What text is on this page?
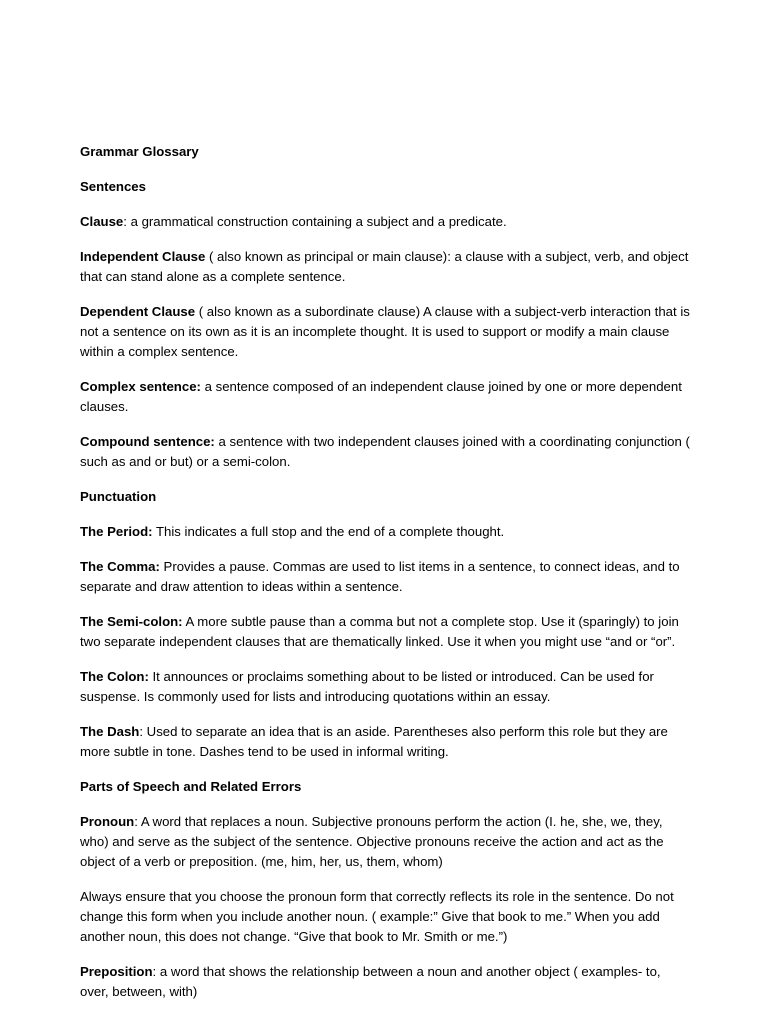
Grammar Glossary

Sentences

Clause: a grammatical construction containing a subject and a predicate.

Independent Clause ( also known as principal or main clause): a clause with a subject, verb, and object that can stand alone as a complete sentence.

Dependent Clause ( also known as a subordinate clause) A clause with a subject-verb interaction that is not a sentence on its own as it is an incomplete thought. It is used to support or modify a main clause within a complex sentence.

Complex sentence: a sentence composed of an independent clause joined by one or more dependent clauses.

Compound sentence: a sentence with two independent clauses joined with a coordinating conjunction ( such as and or but) or a semi-colon.

Punctuation

The Period: This indicates a full stop and the end of a complete thought.

The Comma: Provides a pause. Commas are used to list items in a sentence, to connect ideas, and to separate and draw attention to ideas within a sentence.

The Semi-colon: A more subtle pause than a comma but not a complete stop. Use it (sparingly) to join two separate independent clauses that are thematically linked. Use it when you might use “and or “or”.

The Colon: It announces or proclaims something about to be listed or introduced. Can be used for suspense. Is commonly used for lists and introducing quotations within an essay.

The Dash: Used to separate an idea that is an aside. Parentheses also perform this role but they are more subtle in tone. Dashes tend to be used in informal writing.

Parts of Speech and Related Errors

Pronoun: A word that replaces a noun. Subjective pronouns perform the action (I. he, she, we, they, who) and serve as the subject of the sentence. Objective pronouns receive the action and act as the object of a verb or preposition. (me, him, her, us, them, whom)

Always ensure that you choose the pronoun form that correctly reflects its role in the sentence. Do not change this form when you include another noun. ( example:” Give that book to me.” When you add another noun, this does not change. “Give that book to Mr. Smith or me.”)

Preposition: a word that shows the relationship between a noun and another object ( examples- to, over, between, with)
